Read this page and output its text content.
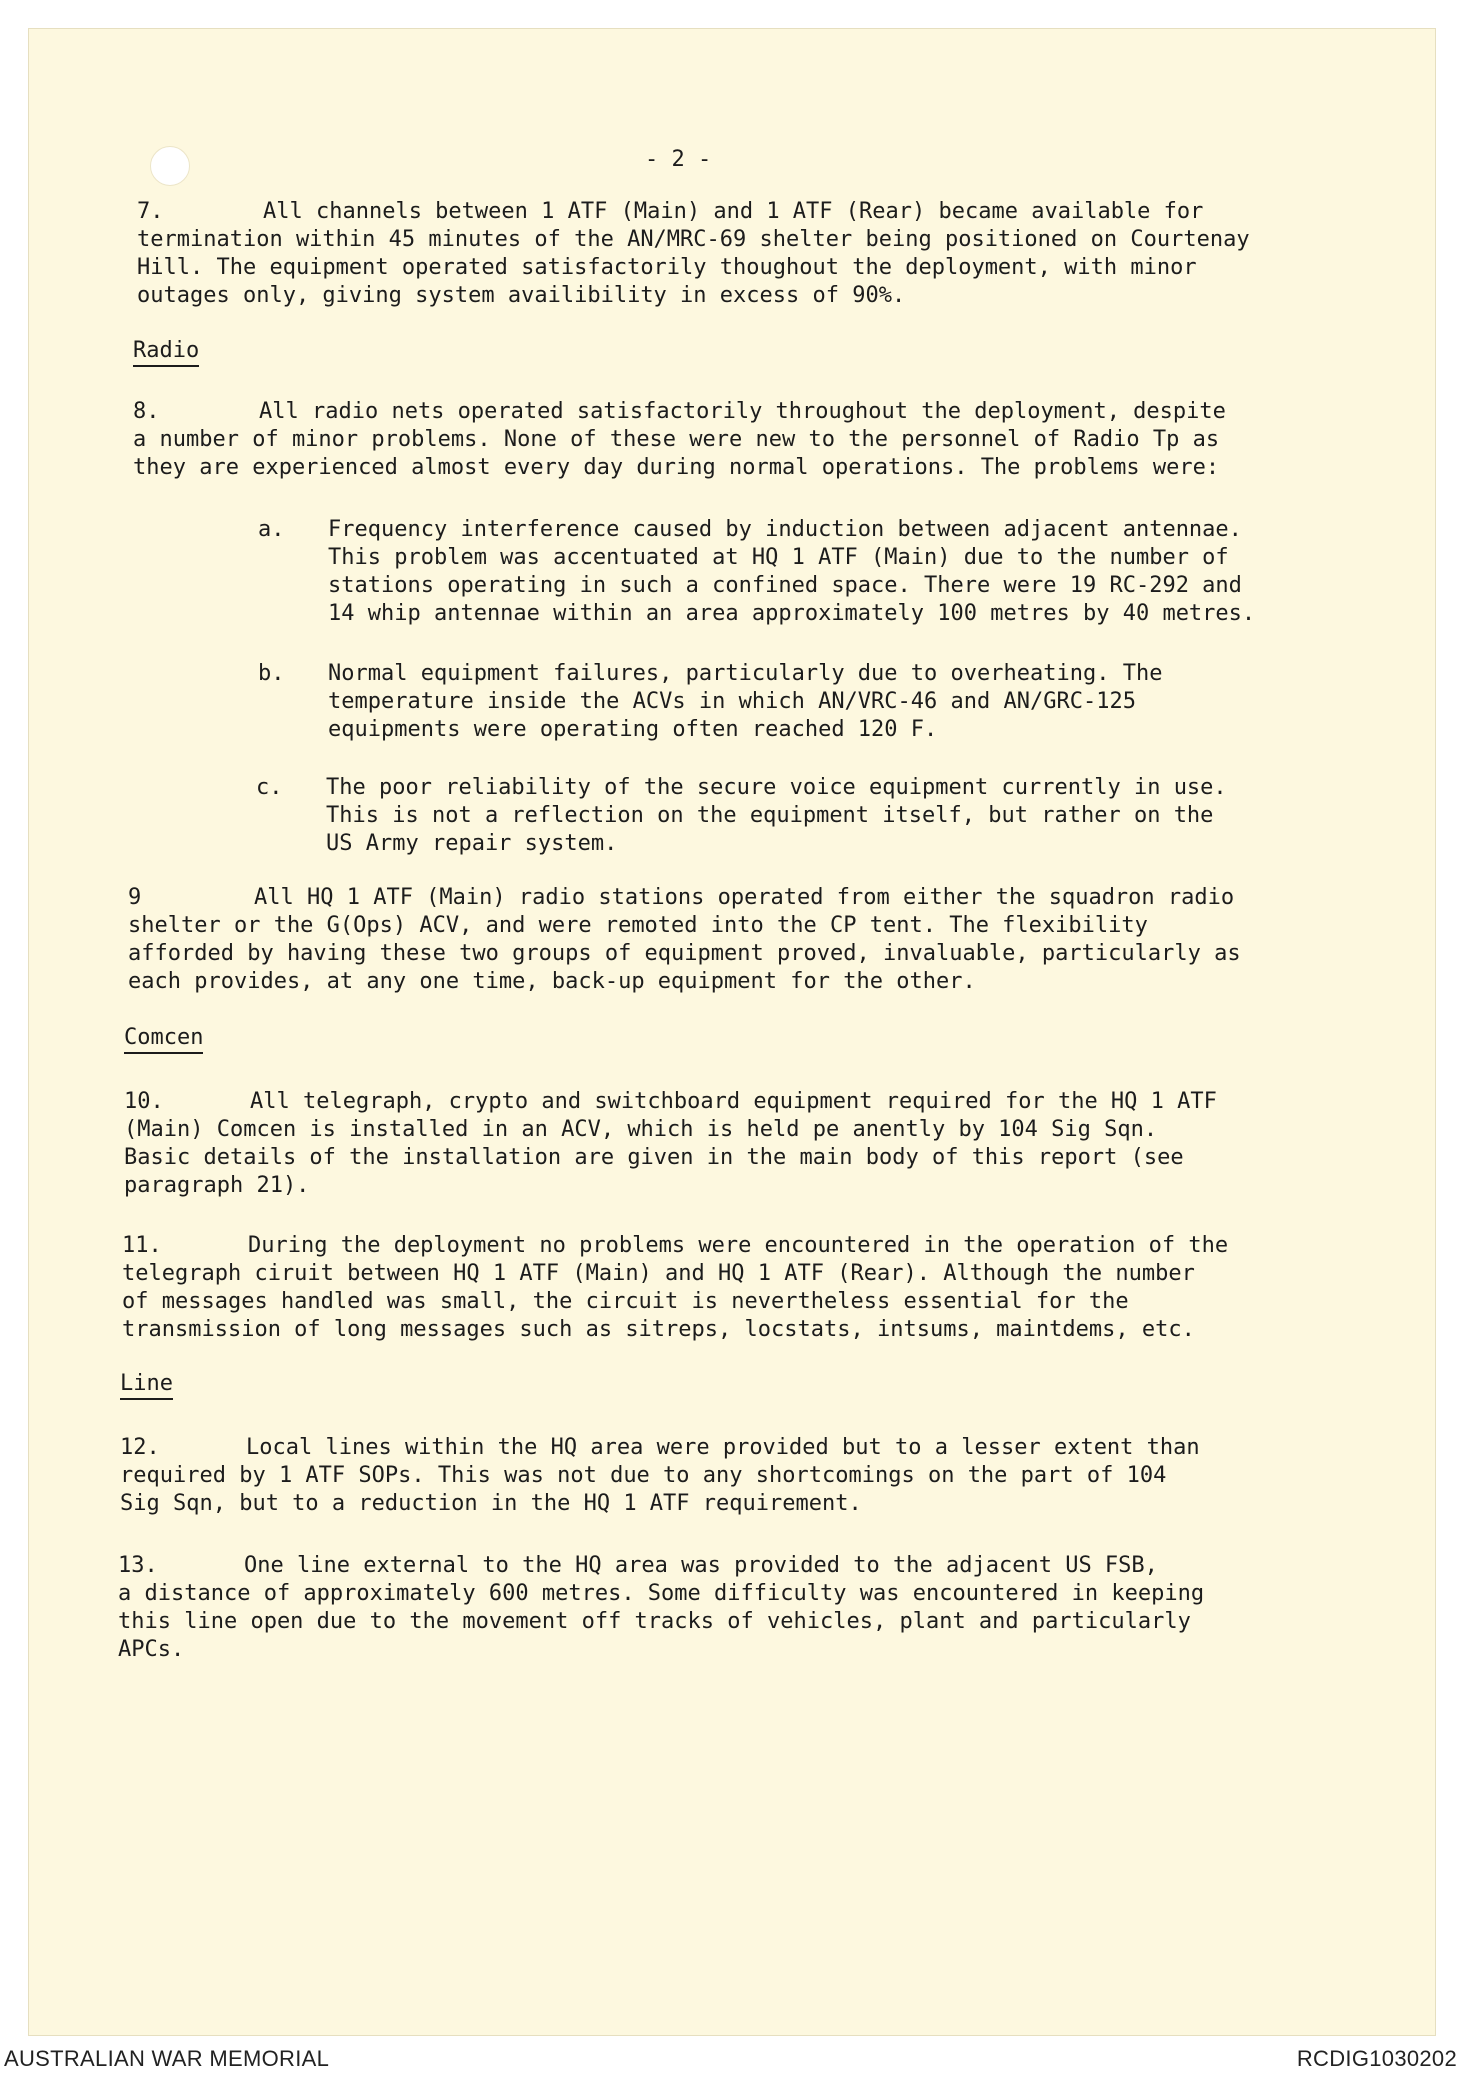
- 2 -
7.	All channels between 1 ATF (Main) and 1 ATF (Rear) became available for
termination within 45 minutes of the AN/MRC-69 shelter being positioned on Courtenay
Hill. The equipment operated satisfactorily thoughout the deployment, with minor
outages only, giving system availibility in excess of 90%.
Radio
8.	All radio nets operated satisfactorily throughout the deployment, despite
a number of minor problems. None of these were new to the personnel of Radio Tp as
they are experienced almost every day during normal operations. The problems were:
a. Frequency interference caused by induction between adjacent antennae.
This problem was accentuated at HQ 1 ATF (Main) due to the number of
stations operating in such a confined space. There were 19 RC-292 and
14 whip antennae within an area approximately 100 metres by 40 metres.
b. Normal equipment failures, particularly due to overheating. The
temperature inside the ACVs in which AN/VRC-46 and AN/GRC-125
equipments were operating often reached 120 F.
c. The poor reliability of the secure voice equipment currently in use.
This is not a reflection on the equipment itself, but rather on the
US Army repair system.
9	All HQ 1 ATF (Main) radio stations operated from either the squadron radio
shelter or the G(Ops) ACV, and were remoted into the CP tent. The flexibility
afforded by having these two groups of equipment proved, invaluable, particularly as
each provides, at any one time, back-up equipment for the other.
Comcen
10.	All telegraph, crypto and switchboard equipment required for the HQ 1 ATF
(Main) Comcen is installed in an ACV, which is held pe anently by 104 Sig Sqn.
Basic details of the installation are given in the main body of this report (see
paragraph 21).
11.	During the deployment no problems were encountered in the operation of the
telegraph ciruit between HQ 1 ATF (Main) and HQ 1 ATF (Rear). Although the number
of messages handled was small, the circuit is nevertheless essential for the
transmission of long messages such as sitreps, locstats, intsums, maintdems, etc.
Line
12.	Local lines within the HQ area were provided but to a lesser extent than
required by 1 ATF SOPs. This was not due to any shortcomings on the part of 104
Sig Sqn, but to a reduction in the HQ 1 ATF requirement.
13.	One line external to the HQ area was provided to the adjacent US FSB,
a distance of approximately 600 metres. Some difficulty was encountered in keeping
this line open due to the movement off tracks of vehicles, plant and particularly
APCs.
AUSTRALIAN WAR MEMORIAL	RCDIG1030202
